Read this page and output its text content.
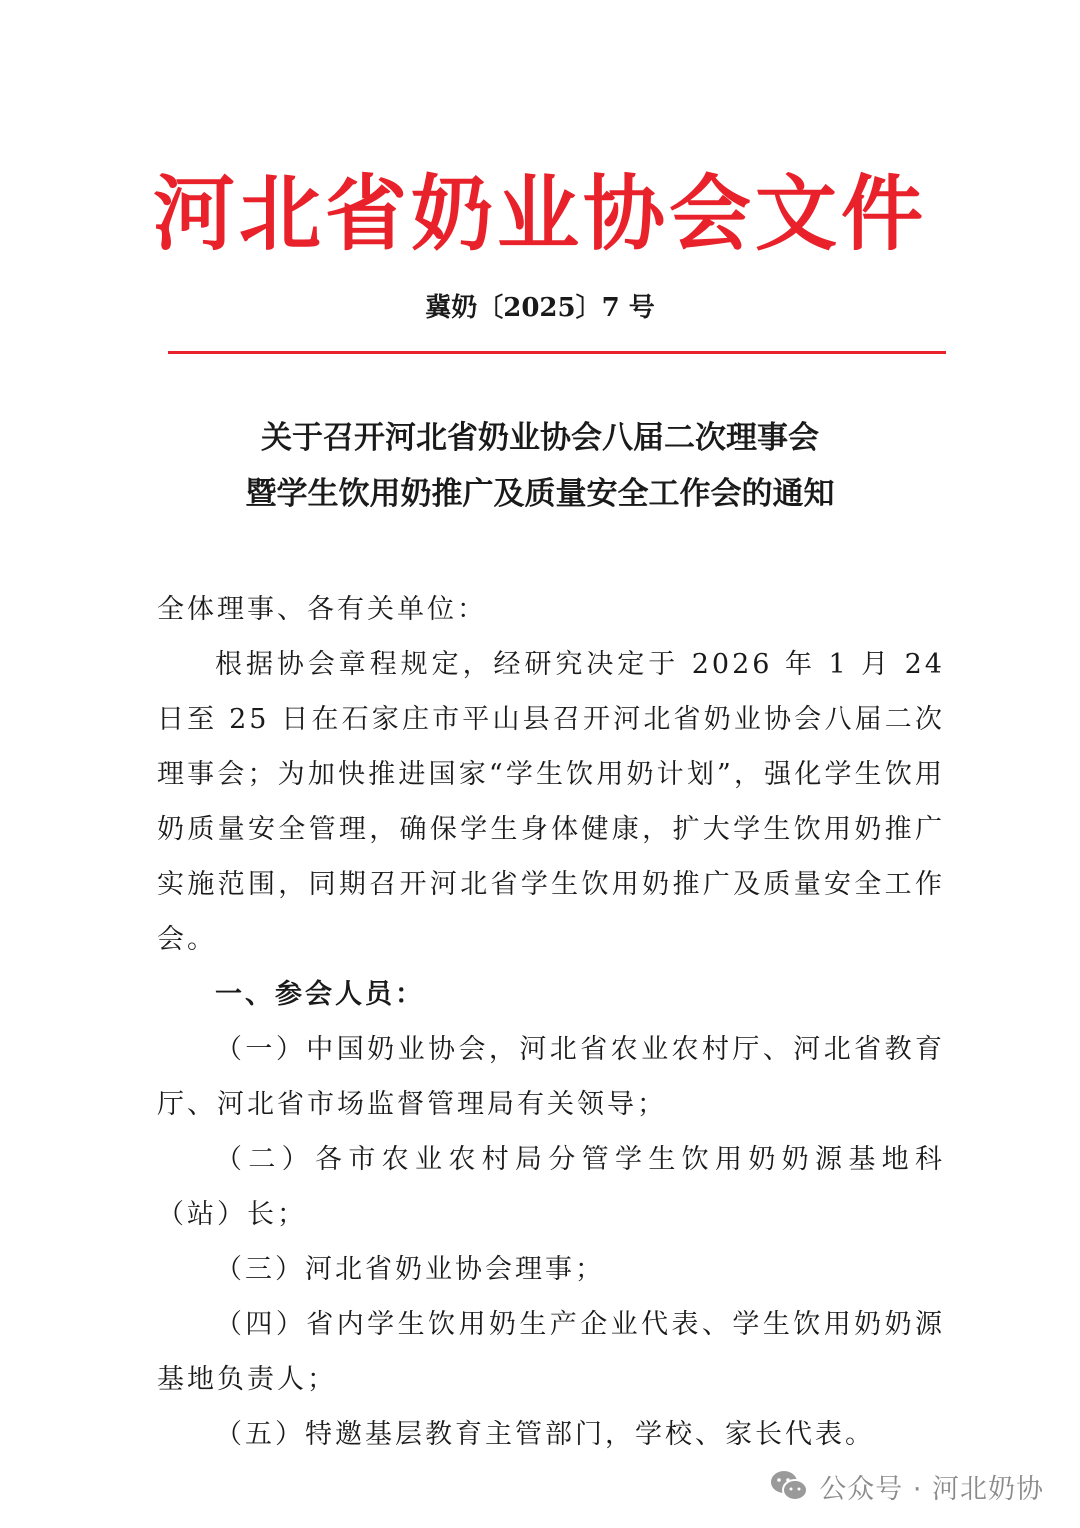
河北省奶业协会文件
冀奶〔2025〕7 号
关于召开河北省奶业协会八届二次理事会
暨学生饮用奶推广及质量安全工作会的通知

全体理事、各有关单位：

根据协会章程规定，经研究决定于 2026 年 1 月 24 日至 25 日在石家庄市平山县召开河北省奶业协会八届二次理事会；为加快推进国家“学生饮用奶计划”，强化学生饮用奶质量安全管理，确保学生身体健康，扩大学生饮用奶推广实施范围，同期召开河北省学生饮用奶推广及质量安全工作会。

一、参会人员：

（一）中国奶业协会，河北省农业农村厅、河北省教育厅、河北省市场监督管理局有关领导；

（二）各市农业农村局分管学生饮用奶奶源基地科（站）长；

（三）河北省奶业协会理事；

（四）省内学生饮用奶生产企业代表、学生饮用奶奶源基地负责人；

（五）特邀基层教育主管部门，学校、家长代表。

公众号 · 河北奶协
